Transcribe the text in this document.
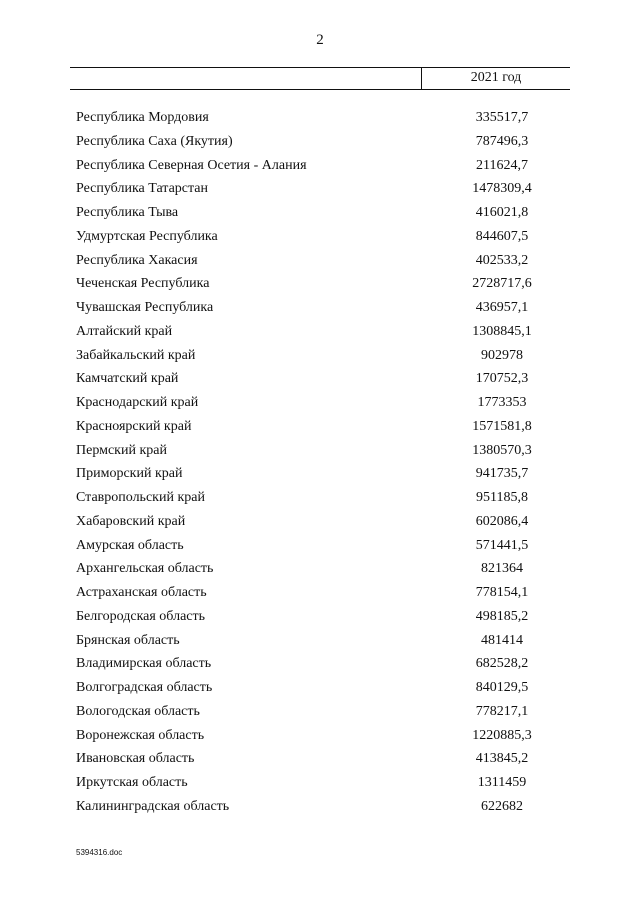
2
2021 год
Республика Мордовия	335517,7
Республика Саха (Якутия)	787496,3
Республика Северная Осетия - Алания	211624,7
Республика Татарстан	1478309,4
Республика Тыва	416021,8
Удмуртская Республика	844607,5
Республика Хакасия	402533,2
Чеченская Республика	2728717,6
Чувашская Республика	436957,1
Алтайский край	1308845,1
Забайкальский край	902978
Камчатский край	170752,3
Краснодарский край	1773353
Красноярский край	1571581,8
Пермский край	1380570,3
Приморский край	941735,7
Ставропольский край	951185,8
Хабаровский край	602086,4
Амурская область	571441,5
Архангельская область	821364
Астраханская область	778154,1
Белгородская область	498185,2
Брянская область	481414
Владимирская область	682528,2
Волгоградская область	840129,5
Вологодская область	778217,1
Воронежская область	1220885,3
Ивановская область	413845,2
Иркутская область	1311459
Калининградская область	622682
5394316.doc
